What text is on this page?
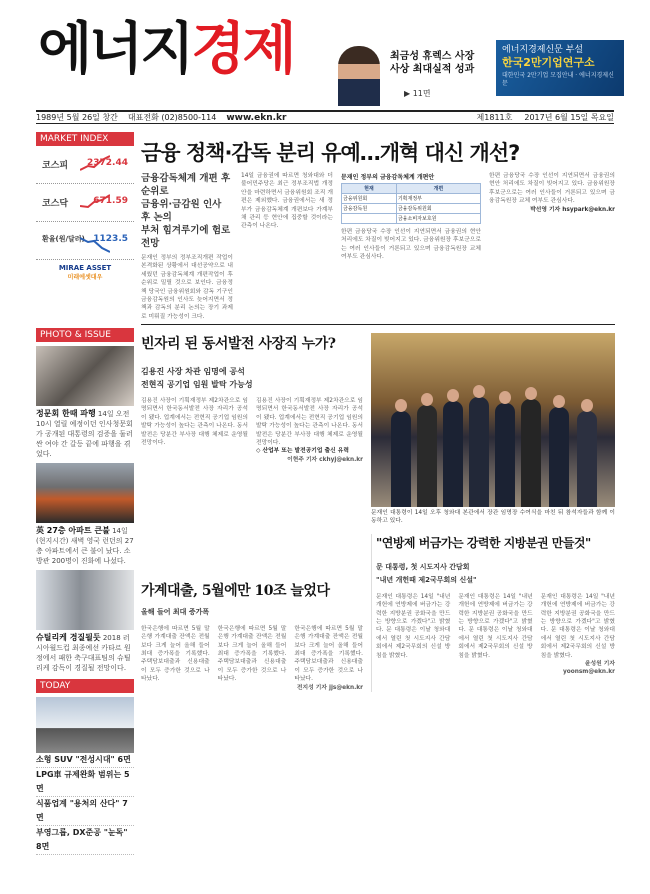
에너지경제	최금성 휴렉스 사장
사상 최대실적 성과
▶ 11면
에너지경제신문 부설
한국2만기업연구소
대한민국 2만기업 모집안내 · 에너지경제신문
1989년 5월 26일 창간 대표전화 (02)8500-114 www.ekn.kr	제1811호 2017년 6월 15일 목요일
MARKET INDEX
코스피 2372.44
코스닥	671.59
환율(원/달러) 1123.5
MIRAE ASSET
미래에셋대우
PHOTO & ISSUE
정문회 한때 파행 14일 오전 10시 열릴 예정이던 인사청문회가 공개된 대통령의 검증을 둘러싼 여야 간 갈등 끝에 파행을 겪었다.
英 27층 아파트 큰불 14일(현지시간) 새벽 영국 런던의 27층 아파트에서 큰 불이 났다. 소방관 200명이 진화에 나섰다.
슈틸리케 경질될듯 2018 러시아월드컵 최종예선 카타르 원정에서 패한 축구대표팀의 슈틸리케 감독이 경질될 전망이다.
TODAY
소형 SUV "전성시대" 6면
LPG車 규제완화 범위는 5면
식품업계 "용처의 산다" 7면
부영그룹, DX준공 "눈독" 8면
금융 정책·감독 분리 유예…개혁 대신 개선?
금융감독체계 개편 후순위로
금융위·금감원 인사 후 논의
부처 힘겨루기에 험로 전망
문재인 정부의 정부조직개편 작업이 본격화된 상황에서 대선공약으로 내세웠던 금융감독체계 개편작업이 후순위로 밀릴 것으로 보인다. 금융정책 당국인 금융위원회와 감독 기구인 금융감독원의 인사도 늦어지면서 정책과 감독의 분리 논의는 장기 과제로 미뤄질 가능성이 크다.
14일 금융권에 따르면 청와대와 더불어민주당은 최근 정부조직법 개정안을 마련하면서 금융위원회 조직 개편은 제외했다. 금융권에서는 새 정부가 금융감독체계 개편보다 가계부채 관리 등 현안에 집중할 것이라는 관측이 나온다.
문재인 정부의 금융감독체계 개편안
현재	개편
금융위원회	기획재정부
금융감독원	금융감독위원회
	금융소비자보호원
한편 금융당국 수장 인선이 지연되면서 금융권의 현안 처리에도 차질이 빚어지고 있다. 금융위원장 후보군으로는 여러 인사들이 거론되고 있으며 금융감독원장 교체 여부도 관심사다.
한편 금융당국 수장 인선이 지연되면서 금융권의 현안 처리에도 차질이 빚어지고 있다. 금융위원장 후보군으로는 여러 인사들이 거론되고 있으며 금융감독원장 교체 여부도 관심사다.
박선영 기자 hsypark@ekn.kr
빈자리 된 동서발전 사장직 누가?
김용진 사장 차관 임명에 공석
전현직 공기업 임원 발탁 가능성
김용진 사장이 기획재정부 제2차관으로 임명되면서 한국동서발전 사장 자리가 공석이 됐다. 업계에서는 전현직 공기업 임원의 발탁 가능성이 높다는 관측이 나온다. 동서발전은 당분간 부사장 대행 체제로 운영될 전망이다.
김용진 사장이 기획재정부 제2차관으로 임명되면서 한국동서발전 사장 자리가 공석이 됐다. 업계에서는 전현직 공기업 임원의 발탁 가능성이 높다는 관측이 나온다. 동서발전은 당분간 부사장 대행 체제로 운영될 전망이다.
◇ 산업부 또는 발전공기업 출신 유력
이현주 기자 ckhyj@ekn.kr
문재인 대통령이 14일 오후 청와대 본관에서 장관 임명장 수여식을 마친 뒤 참석자들과 함께 이동하고 있다.
가계대출, 5월에만 10조 늘었다
올해 들어 최대 증가폭
한국은행에 따르면 5월 말 은행 가계대출 잔액은 전월보다 크게 늘어 올해 들어 최대 증가폭을 기록했다. 주택담보대출과 신용대출이 모두 증가한 것으로 나타났다.
한국은행에 따르면 5월 말 은행 가계대출 잔액은 전월보다 크게 늘어 올해 들어 최대 증가폭을 기록했다. 주택담보대출과 신용대출이 모두 증가한 것으로 나타났다.
한국은행에 따르면 5월 말 은행 가계대출 잔액은 전월보다 크게 늘어 올해 들어 최대 증가폭을 기록했다. 주택담보대출과 신용대출이 모두 증가한 것으로 나타났다.
전지성 기자 jjs@ekn.kr
"연방제 버금가는 강력한 지방분권 만들것"
문 대통령, 첫 시도지사 간담회
"내년 개헌때 제2국무회의 신설"
문재인 대통령은 14일 "내년 개헌에 연방제에 버금가는 강력한 지방분권 공화국을 만드는 방향으로 가겠다"고 밝혔다. 문 대통령은 이날 청와대에서 열린 첫 시도지사 간담회에서 제2국무회의 신설 방침을 밝혔다.
문재인 대통령은 14일 "내년 개헌에 연방제에 버금가는 강력한 지방분권 공화국을 만드는 방향으로 가겠다"고 밝혔다. 문 대통령은 이날 청와대에서 열린 첫 시도지사 간담회에서 제2국무회의 신설 방침을 밝혔다.
문재인 대통령은 14일 "내년 개헌에 연방제에 버금가는 강력한 지방분권 공화국을 만드는 방향으로 가겠다"고 밝혔다. 문 대통령은 이날 청와대에서 열린 첫 시도지사 간담회에서 제2국무회의 신설 방침을 밝혔다.
윤성원 기자 yoonsm@ekn.kr
